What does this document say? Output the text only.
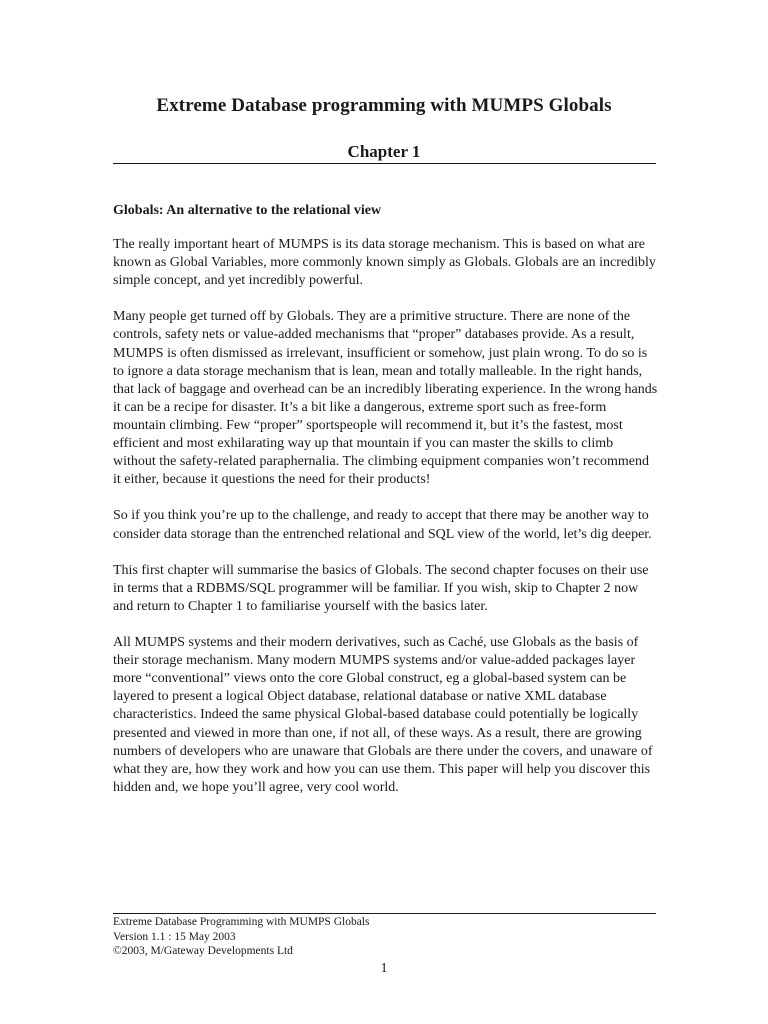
Extreme Database programming with MUMPS Globals
Chapter 1
Globals: An alternative to the relational view

The really important heart of MUMPS is its data storage mechanism. This is based on what are known as Global Variables, more commonly known simply as Globals. Globals are an incredibly simple concept, and yet incredibly powerful.

Many people get turned off by Globals. They are a primitive structure. There are none of the controls, safety nets or value-added mechanisms that “proper” databases provide. As a result, MUMPS is often dismissed as irrelevant, insufficient or somehow, just plain wrong. To do so is to ignore a data storage mechanism that is lean, mean and totally malleable. In the right hands, that lack of baggage and overhead can be an incredibly liberating experience. In the wrong hands it can be a recipe for disaster. It’s a bit like a dangerous, extreme sport such as free-form mountain climbing. Few “proper” sportspeople will recommend it, but it’s the fastest, most efficient and most exhilarating way up that mountain if you can master the skills to climb without the safety-related paraphernalia. The climbing equipment companies won’t recommend it either, because it questions the need for their products!

So if you think you’re up to the challenge, and ready to accept that there may be another way to consider data storage than the entrenched relational and SQL view of the world, let’s dig deeper.

This first chapter will summarise the basics of Globals. The second chapter focuses on their use in terms that a RDBMS/SQL programmer will be familiar. If you wish, skip to Chapter 2 now and return to Chapter 1 to familiarise yourself with the basics later.

All MUMPS systems and their modern derivatives, such as Caché, use Globals as the basis of their storage mechanism. Many modern MUMPS systems and/or value-added packages layer more “conventional” views onto the core Global construct, eg a global-based system can be layered to present a logical Object database, relational database or native XML database characteristics. Indeed the same physical Global-based database could potentially be logically presented and viewed in more than one, if not all, of these ways. As a result, there are growing numbers of developers who are unaware that Globals are there under the covers, and unaware of what they are, how they work and how you can use them. This paper will help you discover this hidden and, we hope you’ll agree, very cool world.

Extreme Database Programming with MUMPS Globals
Version 1.1 : 15 May 2003
©2003, M/Gateway Developments Ltd
1
